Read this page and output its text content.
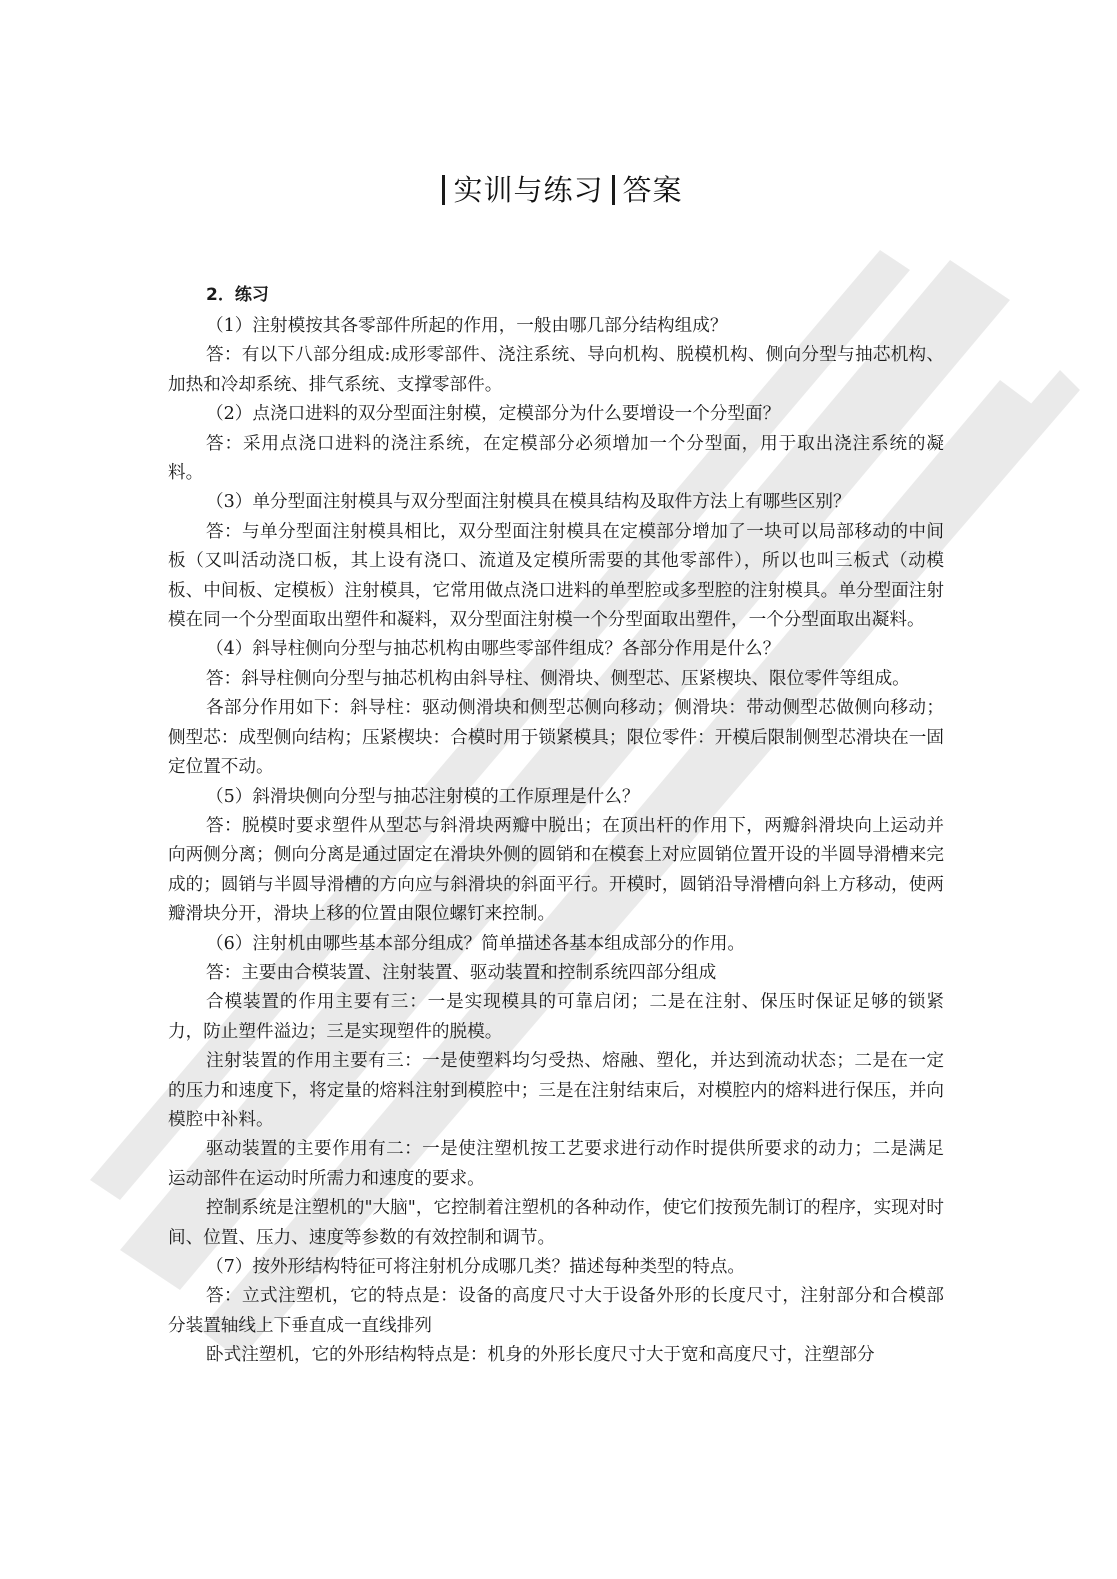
实训与练习 答案
2．练习

（1）注射模按其各零部件所起的作用，一般由哪几部分结构组成？

答：有以下八部分组成:成形零部件、浇注系统、导向机构、脱模机构、侧向分型与抽芯机构、加热和冷却系统、排气系统、支撑零部件。

（2）点浇口进料的双分型面注射模，定模部分为什么要增设一个分型面？

答：采用点浇口进料的浇注系统，在定模部分必须增加一个分型面，用于取出浇注系统的凝料。

（3）单分型面注射模具与双分型面注射模具在模具结构及取件方法上有哪些区别？

答：与单分型面注射模具相比，双分型面注射模具在定模部分增加了一块可以局部移动的中间板（又叫活动浇口板，其上设有浇口、流道及定模所需要的其他零部件），所以也叫三板式（动模板、中间板、定模板）注射模具，它常用做点浇口进料的单型腔或多型腔的注射模具。单分型面注射模在同一个分型面取出塑件和凝料，双分型面注射模一个分型面取出塑件，一个分型面取出凝料。

（4）斜导柱侧向分型与抽芯机构由哪些零部件组成？各部分作用是什么？

答：斜导柱侧向分型与抽芯机构由斜导柱、侧滑块、侧型芯、压紧楔块、限位零件等组成。

各部分作用如下：斜导柱：驱动侧滑块和侧型芯侧向移动；侧滑块：带动侧型芯做侧向移动；侧型芯：成型侧向结构；压紧楔块：合模时用于锁紧模具；限位零件：开模后限制侧型芯滑块在一固定位置不动。

（5）斜滑块侧向分型与抽芯注射模的工作原理是什么？

答：脱模时要求塑件从型芯与斜滑块两瓣中脱出；在顶出杆的作用下，两瓣斜滑块向上运动并向两侧分离；侧向分离是通过固定在滑块外侧的圆销和在模套上对应圆销位置开设的半圆导滑槽来完成的；圆销与半圆导滑槽的方向应与斜滑块的斜面平行。开模时，圆销沿导滑槽向斜上方移动，使两瓣滑块分开，滑块上移的位置由限位螺钉来控制。

（6）注射机由哪些基本部分组成？简单描述各基本组成部分的作用。

答：主要由合模装置、注射装置、驱动装置和控制系统四部分组成

合模装置的作用主要有三：一是实现模具的可靠启闭；二是在注射、保压时保证足够的锁紧力，防止塑件溢边；三是实现塑件的脱模。

注射装置的作用主要有三：一是使塑料均匀受热、熔融、塑化，并达到流动状态；二是在一定的压力和速度下，将定量的熔料注射到模腔中；三是在注射结束后，对模腔内的熔料进行保压，并向模腔中补料。

驱动装置的主要作用有二：一是使注塑机按工艺要求进行动作时提供所要求的动力；二是满足运动部件在运动时所需力和速度的要求。

控制系统是注塑机的"大脑"，它控制着注塑机的各种动作，使它们按预先制订的程序，实现对时间、位置、压力、速度等参数的有效控制和调节。

（7）按外形结构特征可将注射机分成哪几类？描述每种类型的特点。

答：立式注塑机，它的特点是：设备的高度尺寸大于设备外形的长度尺寸，注射部分和合模部分装置轴线上下垂直成一直线排列

卧式注塑机，它的外形结构特点是：机身的外形长度尺寸大于宽和高度尺寸，注塑部分
